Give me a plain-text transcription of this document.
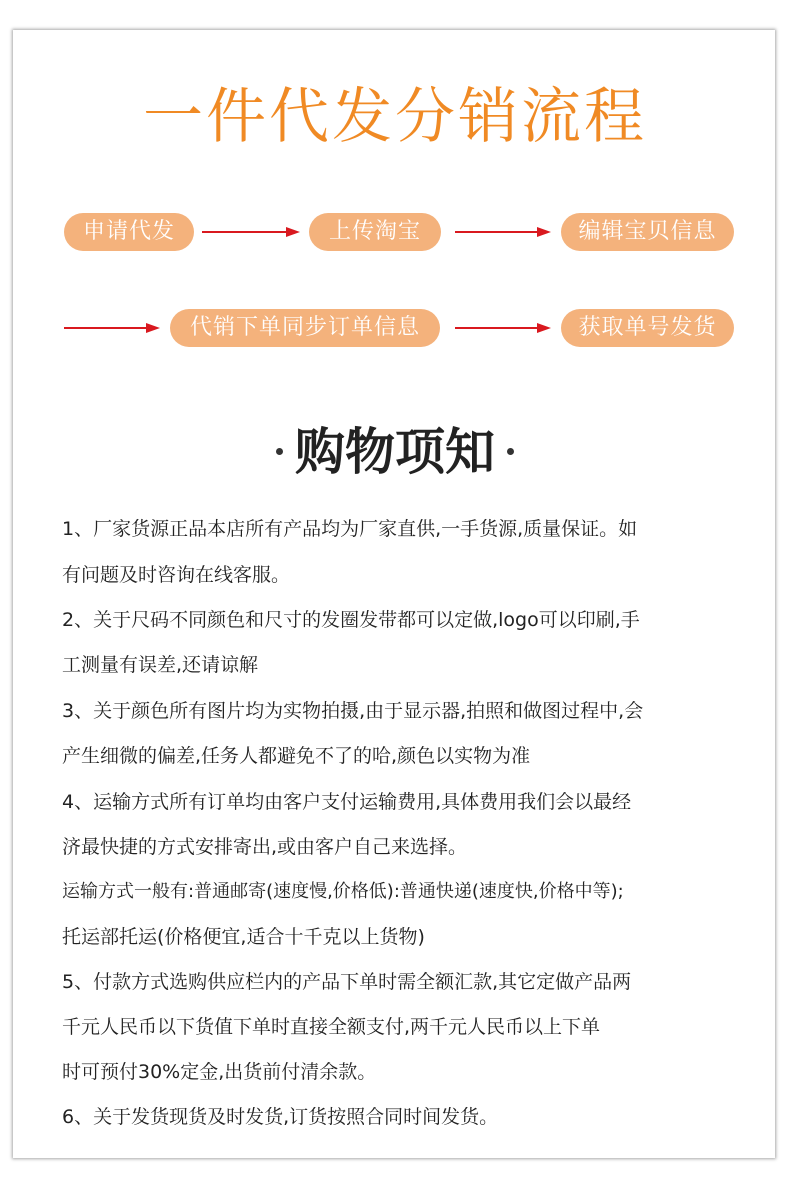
一件代发分销流程
申请代发	上传淘宝	编辑宝贝信息
代销下单同步订单信息	获取单号发货
购物项知
1、厂家货源正品本店所有产品均为厂家直供,一手货源,质量保证。如
有问题及时咨询在线客服。
2、关于尺码不同颜色和尺寸的发圈发带都可以定做,logo可以印刷,手
工测量有误差,还请谅解
3、关于颜色所有图片均为实物拍摄,由于显示器,拍照和做图过程中,会
产生细微的偏差,任务人都避免不了的哈,颜色以实物为准
4、运输方式所有订单均由客户支付运输费用,具体费用我们会以最经
济最快捷的方式安排寄出,或由客户自己来选择。
运输方式一般有:普通邮寄(速度慢,价格低):普通快递(速度快,价格中等);
托运部托运(价格便宜,适合十千克以上货物)
5、付款方式选购供应栏内的产品下单时需全额汇款,其它定做产品两
千元人民币以下货值下单时直接全额支付,两千元人民币以上下单
时可预付30%定金,出货前付清余款。
6、关于发货现货及时发货,订货按照合同时间发货。
